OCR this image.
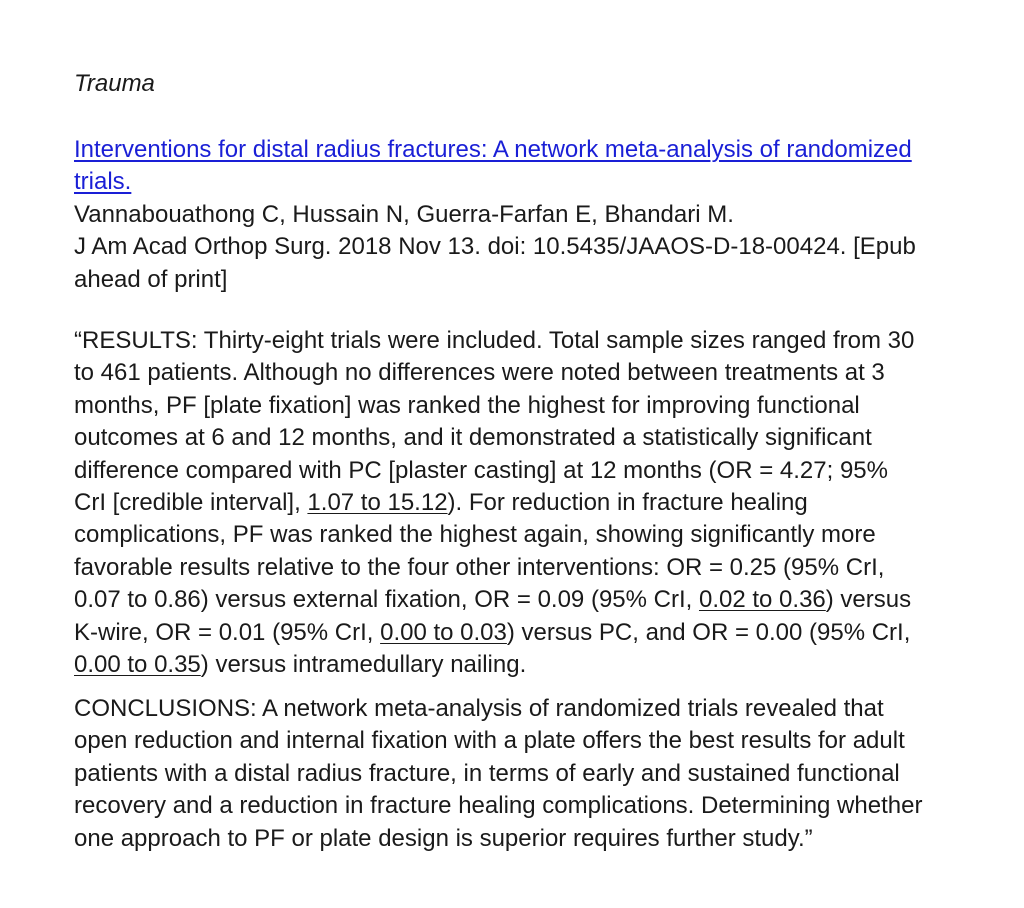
Trauma
Interventions for distal radius fractures: A network meta-analysis of randomized
trials.
Vannabouathong C, Hussain N, Guerra-Farfan E, Bhandari M.
J Am Acad Orthop Surg. 2018 Nov 13. doi: 10.5435/JAAOS-D-18-00424. [Epub
ahead of print]
“RESULTS: Thirty-eight trials were included. Total sample sizes ranged from 30
to 461 patients. Although no differences were noted between treatments at 3
months, PF [plate fixation] was ranked the highest for improving functional
outcomes at 6 and 12 months, and it demonstrated a statistically significant
difference compared with PC [plaster casting] at 12 months (OR = 4.27; 95%
CrI [credible interval], 1.07 to 15.12). For reduction in fracture healing
complications, PF was ranked the highest again, showing significantly more
favorable results relative to the four other interventions: OR = 0.25 (95% CrI,
0.07 to 0.86) versus external fixation, OR = 0.09 (95% CrI, 0.02 to 0.36) versus
K-wire, OR = 0.01 (95% CrI, 0.00 to 0.03) versus PC, and OR = 0.00 (95% CrI,
0.00 to 0.35) versus intramedullary nailing.
CONCLUSIONS: A network meta-analysis of randomized trials revealed that
open reduction and internal fixation with a plate offers the best results for adult
patients with a distal radius fracture, in terms of early and sustained functional
recovery and a reduction in fracture healing complications. Determining whether
one approach to PF or plate design is superior requires further study.”
